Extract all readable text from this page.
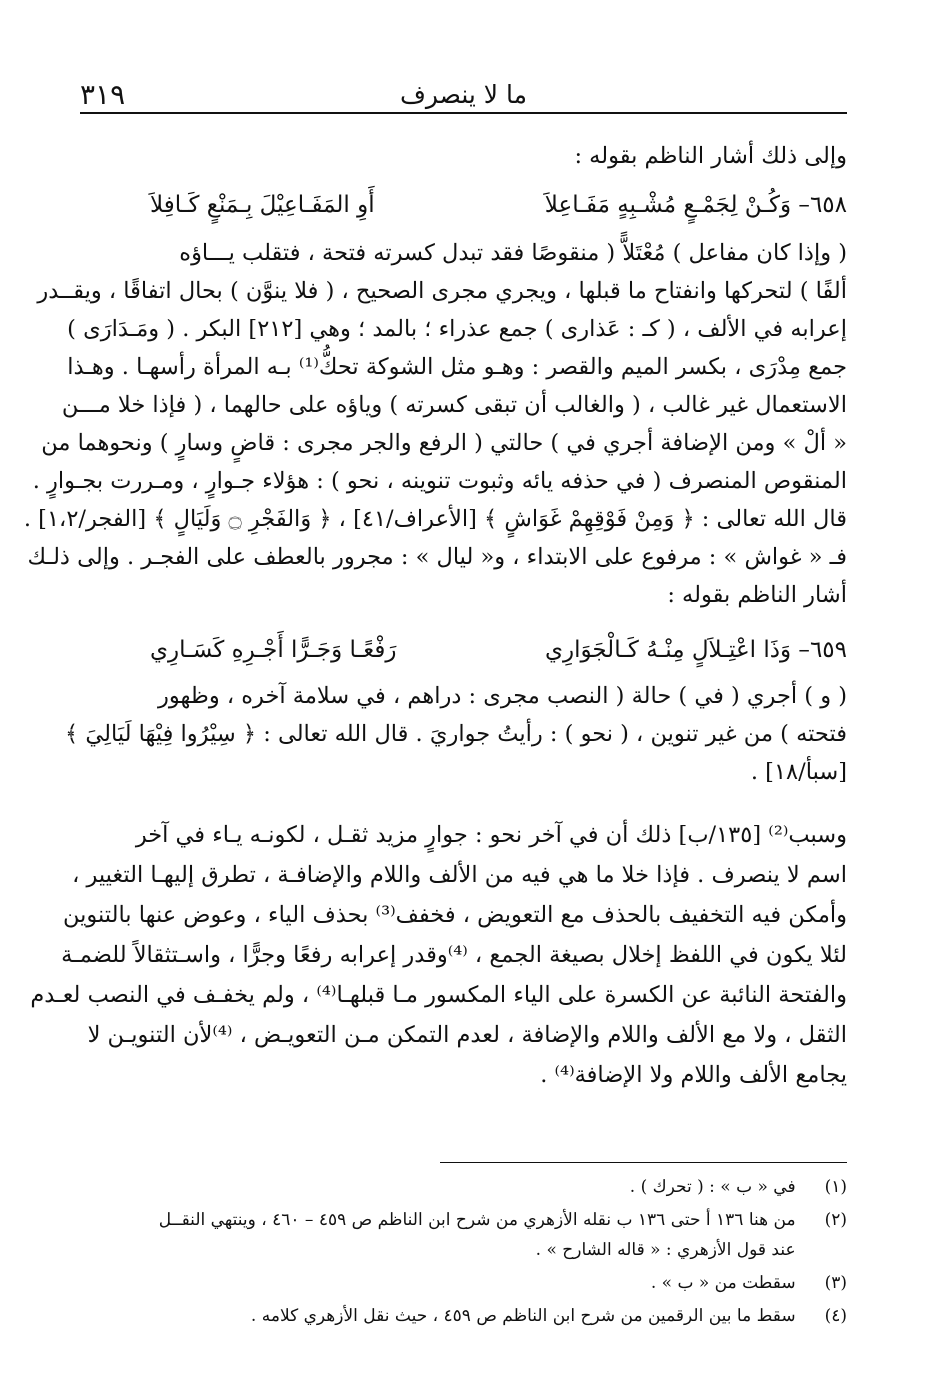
ما لا ينصرف
٣١٩
وإلى ذلك أشار الناظم بقوله :
٦٥٨– وَكُـنْ لِجَمْـعٍ مُشْـبِهٍ مَفَـاعِلاَ
أَوِ المَفَـاعِيْلَ بِـمَنْعٍ كَـافِلاَ
( وإذا كان مفاعل ) مُعْتَلاًّ ( منقوصًا فقد تبدل كسرته فتحة ، فتقلب يـــاؤه
ألفًا ) لتحركها وانفتاح ما قبلها ، ويجري مجرى الصحيح ، ( فلا ينوَّن ) بحال اتفاقًا ، ويقــدر
إعرابه في الألف ، ( كـ : عَذارى ) جمع عذراء ؛ بالمد ؛ وهي [٢١٢] البكر . ( ومَـدَارَى )
جمع مِدْرَى ، بكسر الميم والقصر : وهـو مثل الشوكة تحكُّ⁽¹⁾ بـه المرأة رأسهـا . وهـذا
الاستعمال غير غالب ، ( والغالب أن تبقى كسرته ) وياؤه على حالهما ، ( فإذا خلا مـــن
« ألْ » ومن الإضافة أجري في ) حالتي ( الرفع والجر مجرى : قاضٍ وسارٍ ) ونحوهما من
المنقوص المنصرف ( في حذفه يائه وثبوت تنوينه ، نحو ) : هؤلاء جـوارٍ ، ومـررت بجـوارٍ .
قال الله تعالى : ﴿ وَمِنْ فَوْقِهِمْ غَوَاشٍ ﴾ [الأعراف/٤١] ، ﴿ وَالفَجْرِ ۝ وَلَيَالٍ ﴾ [الفجر/١،٢] .
فـ « غواش » : مرفوع على الابتداء ، و« ليال » : مجرور بالعطف على الفجـر . وإلى ذلـك
أشار الناظم بقوله :
٦٥٩– وَذَا اعْتِـلاَلٍ مِنْـهُ كَـالْجَوَارِي
رَفْعًـا وَجَـرًّا أَجْـرِهِ كَسَـارِي
( و ) أجري ( في ) حالة ( النصب مجرى : دراهم ، في سلامة آخره ، وظهور
فتحته ) من غير تنوين ، ( نحو ) : رأيتُ جواريَ . قال الله تعالى : ﴿ سِيْرُوا فِيْهَا لَيَالِيَ ﴾
[سبأ/١٨] .
وسبب⁽²⁾ [١٣٥/ب] ذلك أن في آخر نحو : جوارٍ مزيد ثقـل ، لكونـه يـاء في آخر
اسم لا ينصرف . فإذا خلا ما هي فيه من الألف واللام والإضافـة ، تطرق إليهـا التغيير ،
وأمكن فيه التخفيف بالحذف مع التعويض ، فخفف⁽³⁾ بحذف الياء ، وعوض عنها بالتنوين
لئلا يكون في اللفظ إخلال بصيغة الجمع ، ⁽⁴⁾وقدر إعرابه رفعًا وجرًّا ، واسـتثقالاً للضمـة
والفتحة النائبة عن الكسرة على الياء المكسور مـا قبلهـا⁽⁴⁾ ، ولم يخفـف في النصب لعـدم
الثقل ، ولا مع الألف واللام والإضافة ، لعدم التمكن مـن التعويـض ، ⁽⁴⁾لأن التنويـن لا
يجامع الألف واللام ولا الإضافة⁽⁴⁾ .
(١) في « ب » : ( تحرك ) .
(٢) من هنا ١٣٦ أ حتى ١٣٦ ب نقله الأزهري من شرح ابن الناظم ص ٤٥٩ – ٤٦٠ ، وينتهي النقــل
عند قول الأزهري : « قاله الشارح » .
(٣) سقطت من « ب » .
(٤) سقط ما بين الرقمين من شرح ابن الناظم ص ٤٥٩ ، حيث نقل الأزهري كلامه .
